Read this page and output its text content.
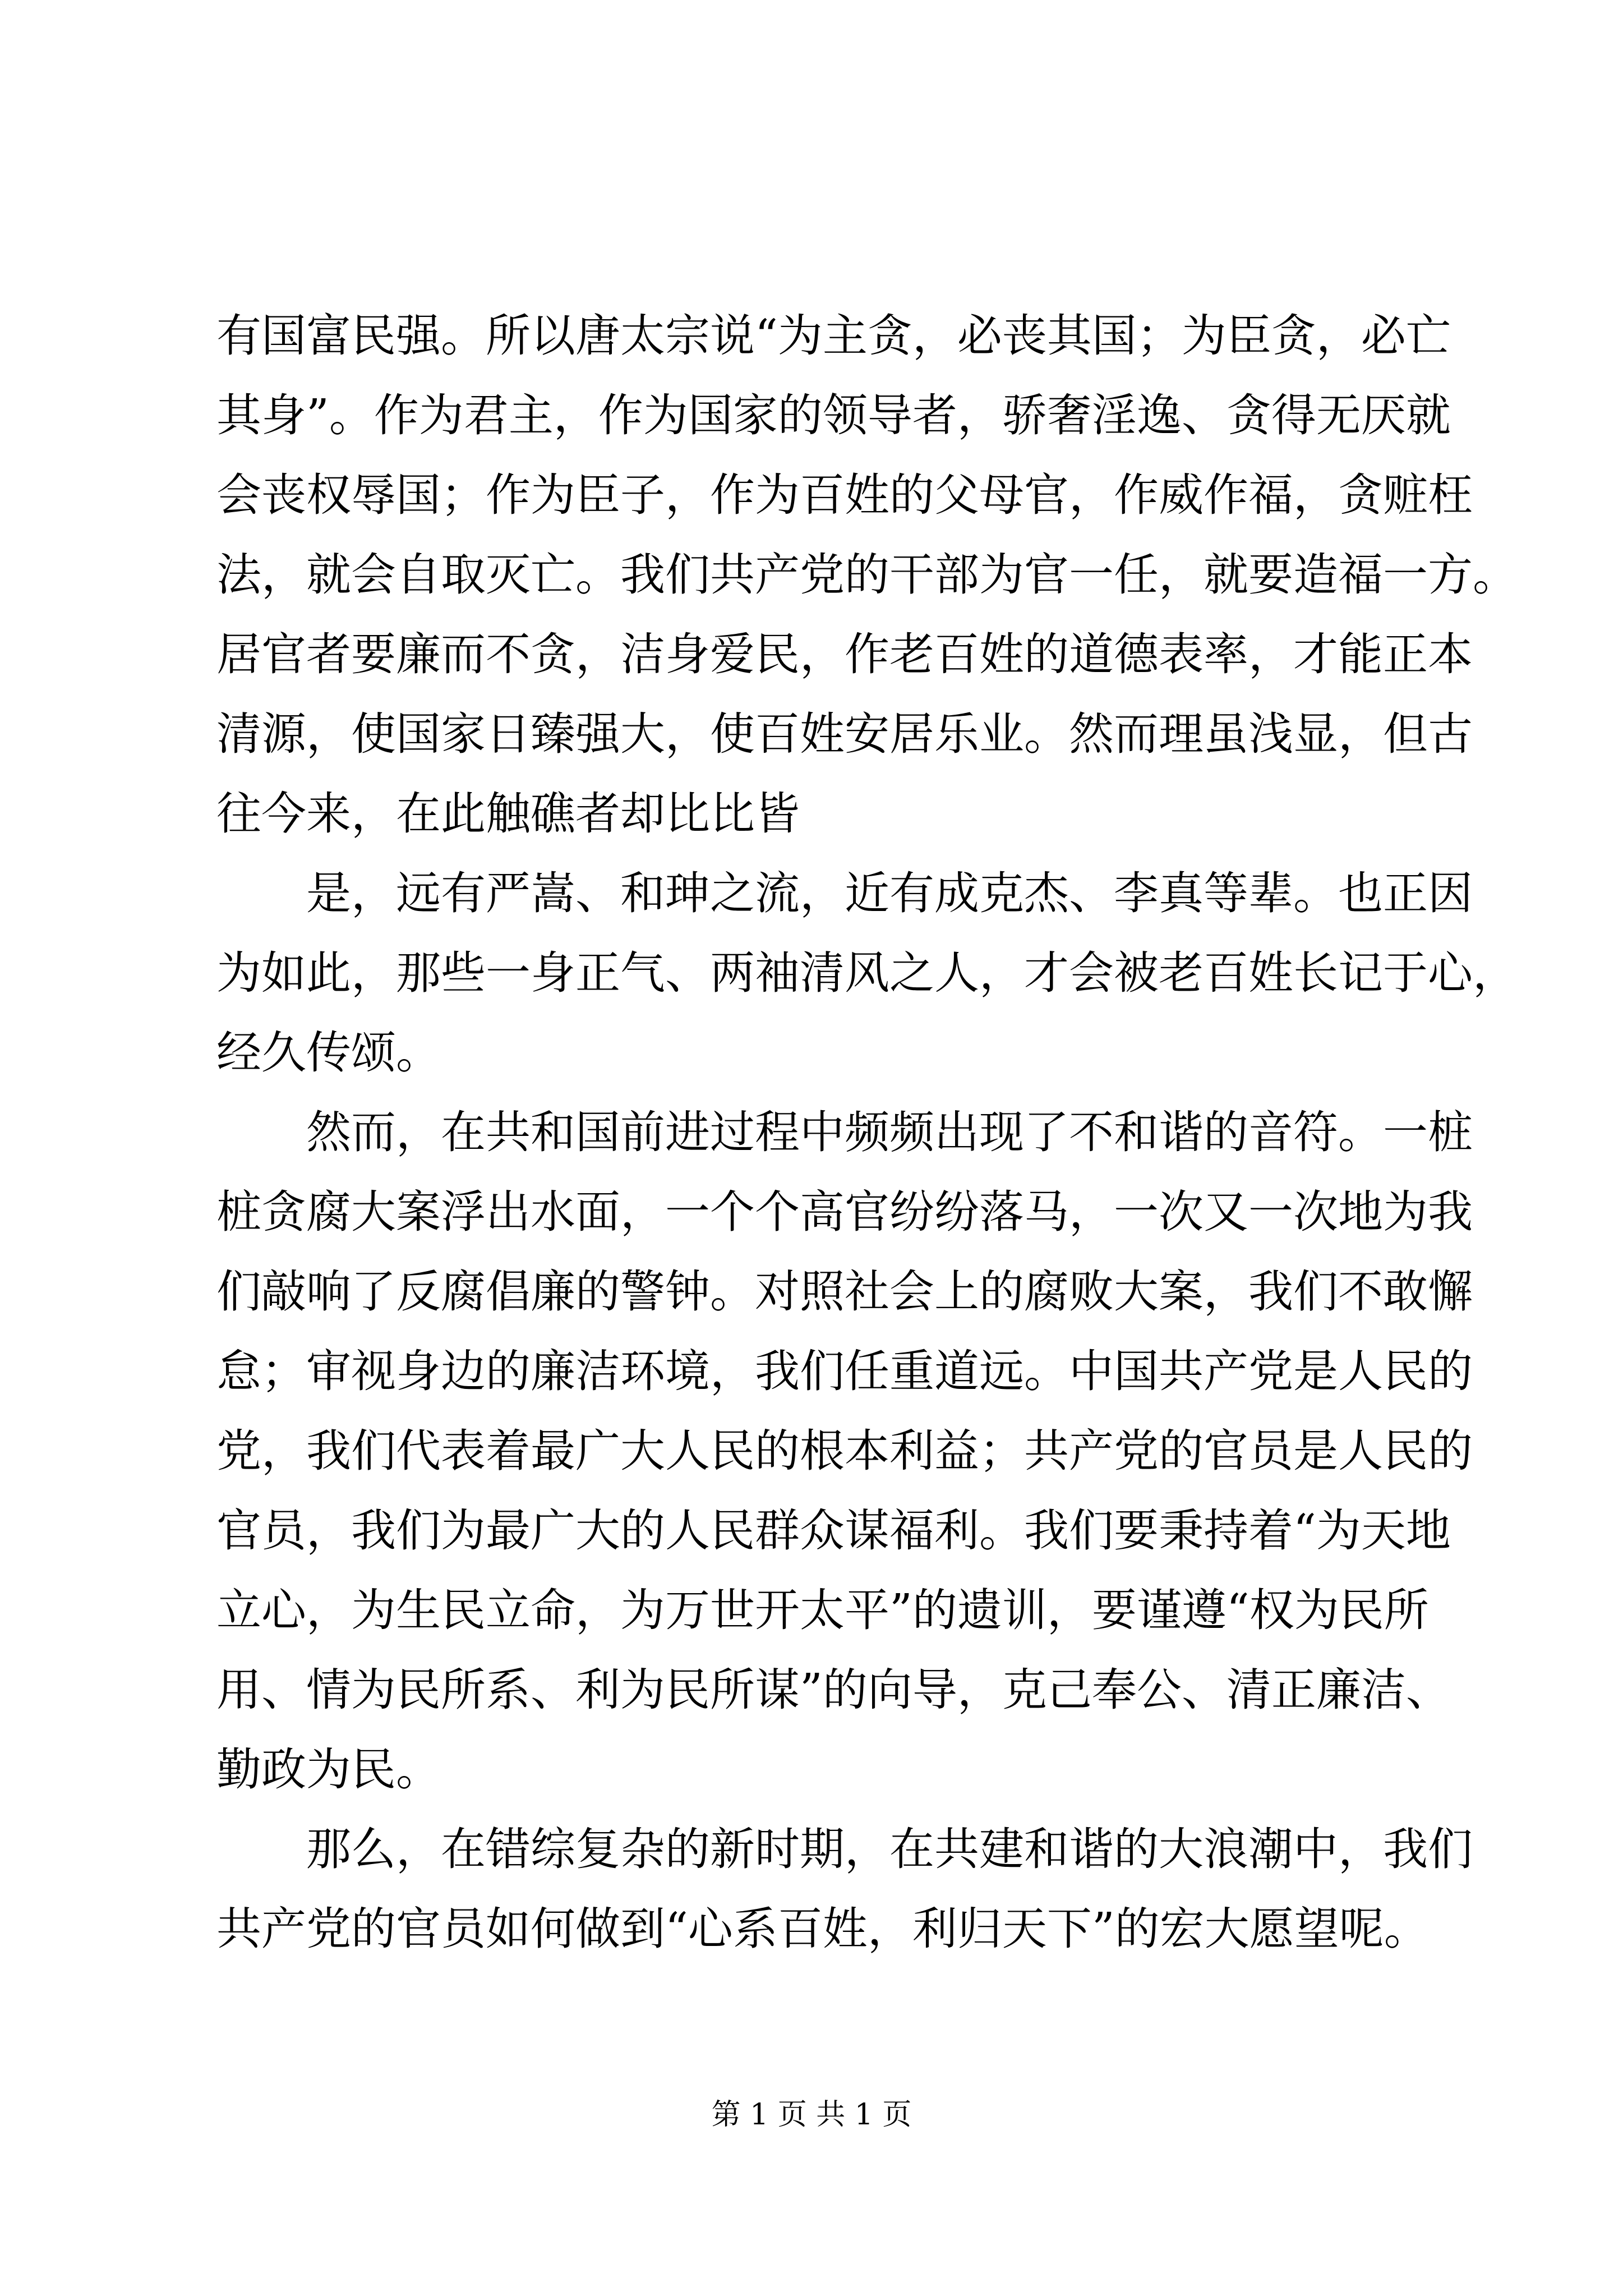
有国富民强。所以唐太宗说“为主贪，必丧其国；为臣贪，必亡
其身”。作为君主，作为国家的领导者，骄奢淫逸、贪得无厌就
会丧权辱国；作为臣子，作为百姓的父母官，作威作福，贪赃枉
法，就会自取灭亡。我们共产党的干部为官一任，就要造福一方。
居官者要廉而不贪，洁身爱民，作老百姓的道德表率，才能正本
清源，使国家日臻强大，使百姓安居乐业。然而理虽浅显，但古
往今来，在此触礁者却比比皆
　　是，远有严嵩、和珅之流，近有成克杰、李真等辈。也正因
为如此，那些一身正气、两袖清风之人，才会被老百姓长记于心，
经久传颂。
　　然而，在共和国前进过程中频频出现了不和谐的音符。一桩
桩贪腐大案浮出水面，一个个高官纷纷落马，一次又一次地为我
们敲响了反腐倡廉的警钟。对照社会上的腐败大案，我们不敢懈
怠；审视身边的廉洁环境，我们任重道远。中国共产党是人民的
党，我们代表着最广大人民的根本利益；共产党的官员是人民的
官员，我们为最广大的人民群众谋福利。我们要秉持着“为天地
立心，为生民立命，为万世开太平”的遗训，要谨遵“权为民所
用、情为民所系、利为民所谋”的向导，克己奉公、清正廉洁、
勤政为民。
　　那么，在错综复杂的新时期，在共建和谐的大浪潮中，我们
共产党的官员如何做到“心系百姓，利归天下”的宏大愿望呢。
第 1 页 共 1 页
